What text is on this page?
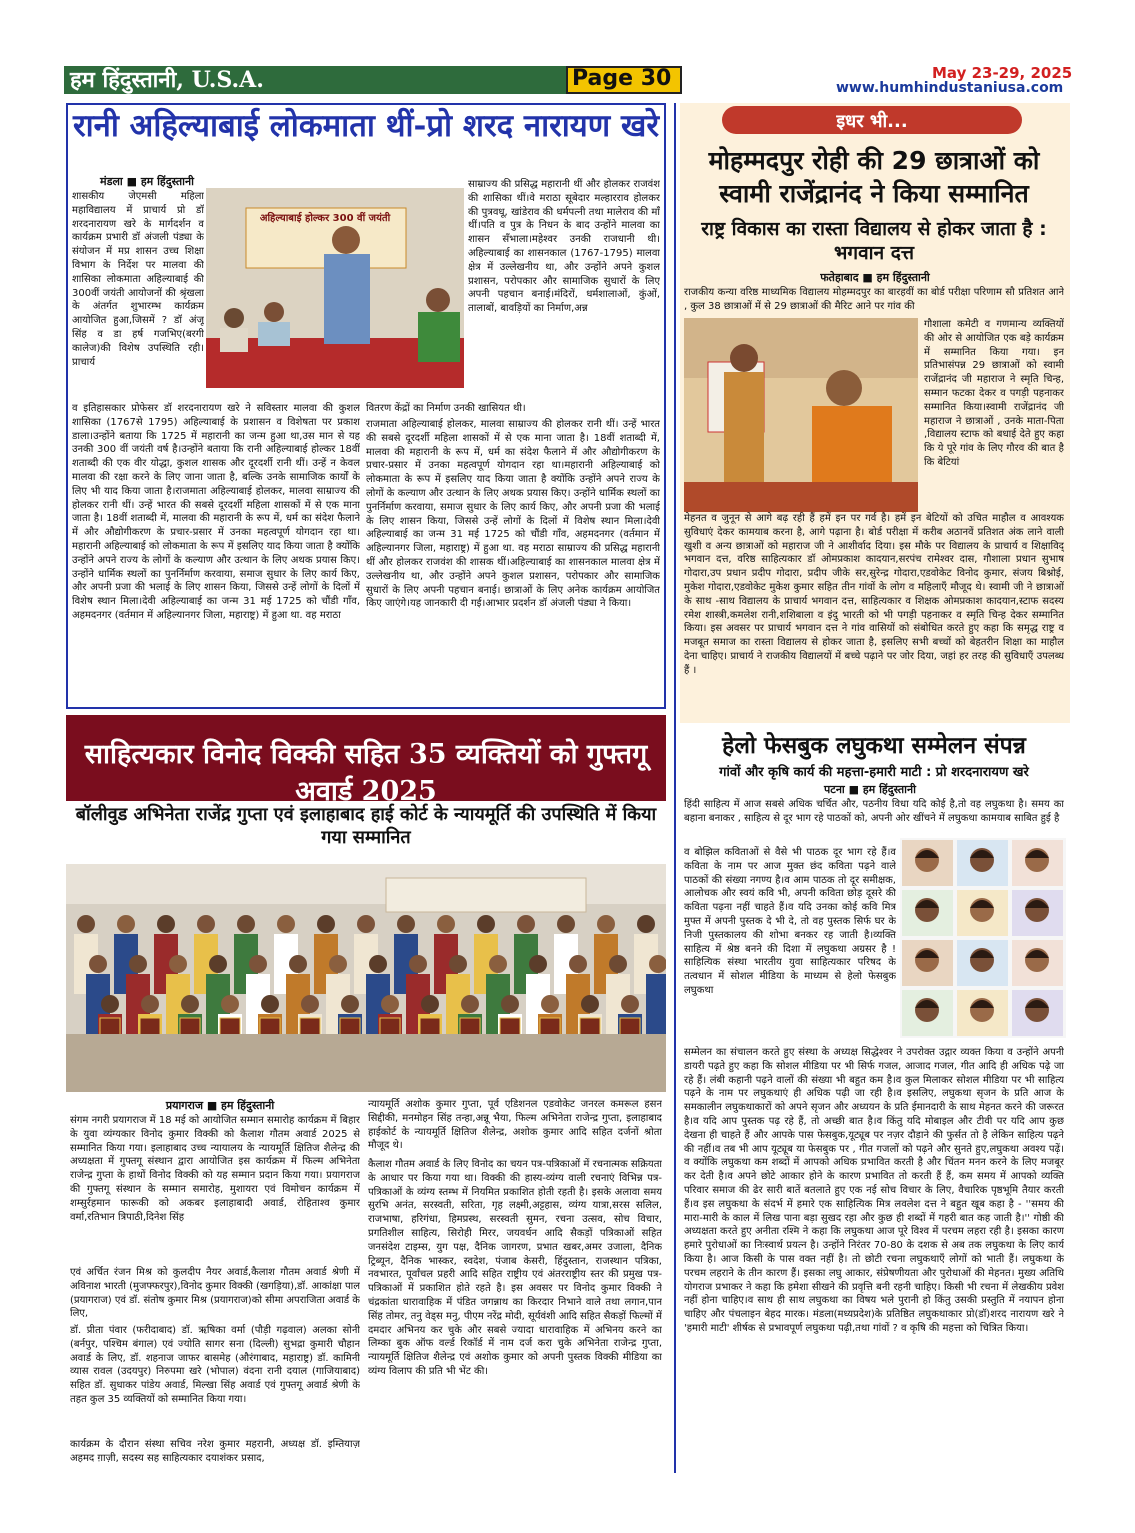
हम हिंदुस्तानी, U.S.A.	Page 30	May 23-29, 2025
www.humhindustaniusa.com
रानी अहिल्याबाई लोकमाता थीं-प्रो शरद नारायण खरे
मंडला ■ हम हिंदुस्तानी
शासकीय जेएमसी महिला महाविद्यालय में प्राचार्य प्रो डॉ शरदनारायण खरे के मार्गदर्शन व कार्यक्रम प्रभारी डॉ अंजली पंड्या के संयोजन में मप्र शासन उच्च शिक्षा विभाग के निर्देश पर मालवा की शासिका लोकमाता अहिल्याबाई की 300वीं जयंती आयोजनों की श्रृंखला के अंतर्गत शुभारम्भ कार्यक्रम आयोजित हुआ,जिसमें ? डॉ अंजू सिंह व डा हर्ष गजभिए(बरगी कालेज)की विशेष उपस्थिति रही। प्राचार्य
अहिल्याबाई होल्कर 300 वीं जयंती
साम्राज्य की प्रसिद्ध महारानी थीं और होलकर राजवंश की शासिका थीं।वे मराठा सूबेदार मल्हारराव होलकर की पुत्रवधू, खांडेराव की धर्मपत्नी तथा मालेराव की माँ थीं।पति व पुत्र के निधन के बाद उन्होंने मालवा का शासन सँभाला।महेश्वर उनकी राजधानी थी।अहिल्याबाई का शासनकाल (1767-1795) मालवा क्षेत्र में उल्लेखनीय था, और उन्होंने अपने कुशल प्रशासन, परोपकार और सामाजिक सुधारों के लिए अपनी पहचान बनाई।मंदिरों, धर्मशालाओं, कुंओं, तालाबों, बावड़ियों का निर्माण,अन्न
व इतिहासकार प्रोफेसर डॉ शरदनारायण खरे ने सविस्तार मालवा की कुशल शासिका (1767से 1795) अहिल्याबाई के प्रशासन व विशेषता पर प्रकाश डाला।उन्होंने बताया कि 1725 में महारानी का जन्म हुआ था,उस मान से यह उनकी 300 वीं जयंती वर्ष है।उन्होंने बताया कि रानी अहिल्याबाई होल्कर 18वीं शताब्दी की एक वीर योद्धा, कुशल शासक और दूरदर्शी रानी थीं। उन्हें न केवल मालवा की रक्षा करने के लिए जाना जाता है, बल्कि उनके सामाजिक कार्यों के लिए भी याद किया जाता है।राजमाता अहिल्याबाई होलकर, मालवा साम्राज्य की होलकर रानी थीं। उन्हें भारत की सबसे दूरदर्शी महिला शासकों में से एक माना जाता है। 18वीं शताब्दी में, मालवा की महारानी के रूप में, धर्म का संदेश फैलाने में और औद्योगीकरण के प्रचार-प्रसार में उनका महत्वपूर्ण योगदान रहा था।महारानी अहिल्याबाई को लोकमाता के रूप में इसलिए याद किया जाता है क्योंकि उन्होंने अपने राज्य के लोगों के कल्याण और उत्थान के लिए अथक प्रयास किए। उन्होंने धार्मिक स्थलों का पुनर्निर्माण करवाया, समाज सुधार के लिए कार्य किए, और अपनी प्रजा की भलाई के लिए शासन किया, जिससे उन्हें लोगों के दिलों में विशेष स्थान मिला।देवी अहिल्याबाई का जन्म 31 मई 1725 को चौंडी गाँव, अहमदनगर (वर्तमान में अहिल्यानगर जिला, महाराष्ट्र) में हुआ था. वह मराठा
वितरण केंद्रों का निर्माण उनकी खासियत थी।
राजमाता अहिल्याबाई होलकर, मालवा साम्राज्य की होलकर रानी थीं। उन्हें भारत की सबसे दूरदर्शी महिला शासकों में से एक माना जाता है। 18वीं शताब्दी में, मालवा की महारानी के रूप में, धर्म का संदेश फैलाने में और औद्योगीकरण के प्रचार-प्रसार में उनका महत्वपूर्ण योगदान रहा था।महारानी अहिल्याबाई को लोकमाता के रूप में इसलिए याद किया जाता है क्योंकि उन्होंने अपने राज्य के लोगों के कल्याण और उत्थान के लिए अथक प्रयास किए। उन्होंने धार्मिक स्थलों का पुनर्निर्माण करवाया, समाज सुधार के लिए कार्य किए, और अपनी प्रजा की भलाई के लिए शासन किया, जिससे उन्हें लोगों के दिलों में विशेष स्थान मिला।देवी अहिल्याबाई का जन्म 31 मई 1725 को चौंडी गाँव, अहमदनगर (वर्तमान में अहिल्यानगर जिला, महाराष्ट्र) में हुआ था. वह मराठा साम्राज्य की प्रसिद्ध महारानी थीं और होलकर राजवंश की शासक थीं।अहिल्याबाई का शासनकाल मालवा क्षेत्र में उल्लेखनीय था, और उन्होंने अपने कुशल प्रशासन, परोपकार और सामाजिक सुधारों के लिए अपनी पहचान बनाई। छात्राओं के लिए अनेक कार्यक्रम आयोजित किए जाएंगे।यह जानकारी दी गई।आभार प्रदर्शन डॉ अंजली पंड्या ने किया।
साहित्यकार विनोद विक्की सहित 35 व्यक्तियों को गुफ्तगू अवार्ड 2025
बॉलीवुड अभिनेता राजेंद्र गुप्ता एवं इलाहाबाद हाई कोर्ट के न्यायमूर्ति की उपस्थिति में किया गया सम्मानित
प्रयागराज ■ हम हिंदुस्तानी
संगम नगरी प्रयागराज में 18 मई को आयोजित सम्मान समारोह कार्यक्रम में बिहार के युवा व्यंग्यकार विनोद कुमार विक्की को कैलाश गौतम अवार्ड 2025 से सम्मानित किया गया। इलाहाबाद उच्च न्यायालय के न्यायमूर्ति क्षितिज शैलेन्द्र की अध्यक्षता में गुफ्तगू संस्थान द्वारा आयोजित इस कार्यक्रम में फिल्म अभिनेता राजेन्द्र गुप्ता के हाथों विनोद विक्की को यह सम्मान प्रदान किया गया। प्रयागराज की गुफ्तगू संस्थान के सम्मान समारोह, मुशायरा एवं विमोचन कार्यक्रम में शम्सुर्रहमान फारूकी को अकबर इलाहाबादी अवार्ड, रोहिताश्व कुमार वर्मा,रतिभान त्रिपाठी,दिनेश सिंह
एवं अर्चित रंजन मिश्र को कुलदीप नैयर अवार्ड,कैलाश गौतम अवार्ड श्रेणी में अविनाश भारती (मुजफ्फरपुर),विनोद कुमार विक्की (खगड़िया),डॉ. आकांक्षा पाल (प्रयागराज) एवं डॉ. संतोष कुमार मिश्र (प्रयागराज)को सीमा अपराजिता अवार्ड के लिए,
डॉ. प्रीता पंवार (फरीदाबाद) डॉ. ऋषिका वर्मा (पौड़ी गढ़वाल) अलका सोनी (बर्नपुर, पश्चिम बंगाल) एवं ज्योति सागर सना (दिल्ली) सुभद्रा कुमारी चौहान अवार्ड के लिए, डॉ. शहनाज जाफर बासमेह (औरंगाबाद, महाराष्ट्र) डॉ. कामिनी व्यास रावल (उदयपुर) निरुपमा खरे (भोपाल) वंदना रानी दयाल (गाजियाबाद) सहित डॉ. सुधाकर पांडेय अवार्ड, मिल्खा सिंह अवार्ड एवं गुफ्तगू अवार्ड श्रेणी के तहत कुल 35 व्यक्तियों को सम्मानित किया गया।
कार्यक्रम के दौरान संस्था सचिव नरेश कुमार महरानी, अध्यक्ष डॉ. इम्तियाज़ अहमद ग़ाज़ी, सदस्य सह साहित्यकार दयाशंकर प्रसाद,
न्यायमूर्ति अशोक कुमार गुप्ता, पूर्व एडिशनल एडवोकेट जनरल कमरूल हसन सिद्दीकी, मनमोहन सिंह तन्हा,अन्नू भैया, फिल्म अभिनेता राजेन्द्र गुप्ता, इलाहाबाद हाईकोर्ट के न्यायमूर्ति क्षितिज शैलेन्द्र, अशोक कुमार आदि सहित दर्जनों श्रोता मौजूद थे।
कैलाश गौतम अवार्ड के लिए विनोद का चयन पत्र-पत्रिकाओं में रचनात्मक सक्रियता के आधार पर किया गया था। विक्की की हास्य-व्यंग्य वाली रचनाएं विभिन्न पत्र-पत्रिकाओं के व्यंग्य स्तम्भ में नियमित प्रकाशित होती रहती है। इसके अलावा समय सुरभि अनंत, सरस्वती, सरिता, गृह लक्ष्मी,अट्टहास, व्यंग्य यात्रा,सरस सलिल, राजभाषा, हरिगंधा, हिमप्रस्थ, सरस्वती सुमन, रचना उत्सव, सोच विचार, प्रगतिशील साहित्य, सिरोही मिरर, जयवर्धन आदि सैकड़ों पत्रिकाओं सहित जनसंदेश टाइम्स, युग पक्ष, दैनिक जागरण, प्रभात खबर,अमर उजाला, दैनिक ट्रिब्यून, दैनिक भास्कर, स्वदेश, पंजाब केसरी, हिंदुस्तान, राजस्थान पत्रिका, नवभारत, पूर्वांचल प्रहरी आदि सहित राष्ट्रीय एवं अंतरराष्ट्रीय स्तर की प्रमुख पत्र-पत्रिकाओं में प्रकाशित होते रहते है। इस अवसर पर विनोद कुमार विक्की ने चंद्रकांता धारावाहिक में पंडित जगन्नाथ का किरदार निभाने वाले तथा लगान,पान सिंह तोमर, तनु वेड्स मनु, पीएम नरेंद्र मोदी, सूर्यवंशी आदि सहित सैकड़ों फिल्मों में दमदार अभिनय कर चुके और सबसे ज्यादा धारावाहिक में अभिनय करने का लिम्का बुक ऑफ वर्ल्ड रिकॉर्ड में नाम दर्ज करा चुके अभिनेता राजेन्द्र गुप्ता, न्यायमूर्ति क्षितिज शैलेन्द्र एवं अशोक कुमार को अपनी पुस्तक विक्की मीडिया का व्यंग्य विलाप की प्रति भी भेंट की।
इधर भी...
मोहम्मदपुर रोही की 29 छात्राओं को स्वामी राजेंद्रानंद ने किया सम्मानित
राष्ट्र विकास का रास्ता विद्यालय से होकर जाता है : भगवान दत्त
फतेहाबाद ■ हम हिंदुस्तानी
राजकीय कन्या वरिष्ठ माध्यमिक विद्यालय मोहम्मदपुर का बारहवीं का बोर्ड परीक्षा परिणाम सौ प्रतिशत आने , कुल 38 छात्राओं में से 29 छात्राओं की मैरिट आने पर गांव की
गौशाला कमेटी व गणमान्य व्यक्तियों की ओर से आयोजित एक बड़े कार्यक्रम में सम्मानित किया गया। इन प्रतिभासंपन्न 29 छात्राओं को स्वामी राजेंद्रानंद जी महाराज ने स्मृति चिन्ह, सम्मान फटका देकर व पगड़ी पहनाकर सम्मानित किया।स्वामी राजेंद्रानंद जी महाराज ने छात्राओं , उनके माता-पिता ,विद्यालय स्टाफ को बधाई देते हुए कहा कि ये पूरे गांव के लिए गौरव की बात है कि बेटियां
मेहनत व जुनून से आगे बढ़ रही हैं हमें इन पर गर्व है। हमें इन बेटियों को उचित माहौल व आवश्यक सुविधाएं देकर कामयाब करना है, आगे पढ़ाना है। बोर्ड परीक्षा में करीब अठानवें प्रतिशत अंक लाने वाली खुशी व अन्य छात्राओं को महाराज जी ने आशीर्वाद दिया। इस मौके पर विद्यालय के प्राचार्य व शिक्षाविद् भगवान दत्त, वरिष्ठ साहित्यकार डॉ ओमप्रकाश कादयान,सरपंच रामेश्वर दास, गौशाला प्रधान सुभाष गोदारा,उप प्रधान प्रदीप गोदारा, प्रदीप जीके सर,सुरेन्द्र गोदारा,एडवोकेट विनोद कुमार, संजय बिश्नोई, मुकेश गोदारा,एडवोकेट मुकेश कुमार सहित तीन गांवों के लोग व महिलाएँ मौजूद थे। स्वामी जी ने छात्राओं के साथ -साथ विद्यालय के प्राचार्य भगवान दत्त, साहित्यकार व शिक्षक ओमप्रकाश कादयान,स्टाफ सदस्य रमेश शास्त्री,कमलेश रानी,शशिबाला व इंदु भारती को भी पगड़ी पहनाकर व स्मृति चिन्ह देकर सम्मानित किया। इस अवसर पर प्राचार्य भगवान दत्त ने गांव वासियों को संबोधित करते हुए कहा कि समृद्ध राष्ट्र व मजबूत समाज का रास्ता विद्यालय से होकर जाता है, इसलिए सभी बच्चों को बेहतरीन शिक्षा का माहौल देना चाहिए। प्राचार्य ने राजकीय विद्यालयों में बच्चे पढ़ाने पर जोर दिया, जहां हर तरह की सुविधाएँ उपलब्ध हैं ।
हेलो फेसबुक लघुकथा सम्मेलन संपन्न
गांवों और कृषि कार्य की महत्ता-हमारी माटी : प्रो शरदनारायण खरे
पटना ■ हम हिंदुस्तानी
हिंदी साहित्य में आज सबसे अधिक चर्चित और, पठनीय विधा यदि कोई है,तो वह लघुकथा है। समय का बहाना बनाकर , साहित्य से दूर भाग रहे पाठकों को, अपनी ओर खींचने में लघुकथा कामयाब साबित हुई है
व बोझिल कविताओं से वैसे भी पाठक दूर भाग रहे हैं।व कविता के नाम पर आज मुक्त छंद कविता पढ़ने वाले पाठकों की संख्या नगण्य है।व आम पाठक तो दूर समीक्षक, आलोचक और स्वयं कवि भी, अपनी कविता छोड़ दूसरे की कविता पढ़ना नहीं चाहते हैं।व यदि उनका कोई कवि मित्र मुफ्त में अपनी पुस्तक दे भी दे, तो वह पुस्तक सिर्फ घर के निजी पुस्तकालय की शोभा बनकर रह जाती है।व्यक्ति साहित्य में श्रेष्ठ बनने की दिशा में लघुकथा अग्रसर है ! साहित्यिक संस्था भारतीय युवा साहित्यकार परिषद के तत्वधान में सोशल मीडिया के माध्यम से हेलो फेसबुक लघुकथा
सम्मेलन का संचालन करते हुए संस्था के अध्यक्ष सिद्धेश्वर ने उपरोक्त उद्गार व्यक्त किया व उन्होंने अपनी डायरी पढ़ते हुए कहा कि सोशल मीडिया पर भी सिर्फ गजल, आजाद गजल, गीत आदि ही अधिक पढ़े जा रहे हैं। लंबी कहानी पढ़ने वालों की संख्या भी बहुत कम है।व कुल मिलाकर सोशल मीडिया पर भी साहित्य पढ़ने के नाम पर लघुकथाएं ही अधिक पढ़ी जा रही है।व इसलिए, लघुकथा सृजन के प्रति आज के समकालीन लघुकथाकारों को अपने सृजन और अध्ययन के प्रति ईमानदारी के साथ मेहनत करने की जरूरत है।व यदि आप पुस्तक पढ़ रहे हैं, तो अच्छी बात है।व किंतु यदि मोबाइल और टीवी पर यदि आप कुछ देखना ही चाहते हैं और आपके पास फेसबुक,यूट्यूब पर नज़र दौड़ाने की फुर्सत तो है लेकिन साहित्य पढ़ने की नहीं।व तब भी आप यूट्यूब या फेसबुक पर , गीत गजलों को पढ़ने और सुनते हुए,लघुकथा अवश्य पढ़ें।व क्योंकि लघुकथा कम शब्दों में आपको अधिक प्रभावित करती है और चिंतन मनन करने के लिए मजबूर कर देती है।व अपने छोटे आकार होने के कारण प्रभावित तो करती हैं हैं, कम समय में आपको व्यक्ति परिवार समाज की ढेर सारी बातें बतलाते हुए एक नई सोच विचार के लिए, वैचारिक पृष्ठभूमि तैयार करती हैं।व इस लघुकथा के संदर्भ में हमारे एक साहित्यिक मित्र लवलेश दत्त ने बहुत खूब कहा है - ''समय की मारा-मारी के काल में लिख पाना बड़ा सुखद रहा और कुछ ही शब्दों में गहरी बात कह जाती है।'' गोष्ठी की अध्यक्षता करते हुए अनीता रश्मि ने कहा कि लघुकथा आज पूरे विश्व में परचम लहरा रही है। इसका कारण हमारे पुरोधाओं का निःस्वार्थ प्रयत्न है। उन्होंने निरंतर 70-80 के दशक से अब तक लघुकथा के लिए कार्य किया है। आज किसी के पास वक्त नहीं है। तो छोटी रचना लघुकथाएँ लोगों को भाती हैं। लघुकथा के परचम लहराने के तीन कारण हैं। इसका लघु आकार, संप्रेषणीयता और पुरोधाओं की मेहनत। मुख्य अतिथि योगराज प्रभाकर ने कहा कि हमेशा सीखने की प्रवृत्ति बनी रहनी चाहिए। किसी भी रचना में लेखकीय प्रवेश नहीं होना चाहिए।व साथ ही साथ लघुकथा का विषय भले पुरानी हो किंतु उसकी प्रस्तुति में नयापन होना चाहिए और पंचलाइन बेहद मारक। मंडला(मध्यप्रदेश)के प्रतिष्ठित लघुकथाकार प्रो(डॉ)शरद नारायण खरे ने 'हमारी माटी' शीर्षक से प्रभावपूर्ण लघुकथा पढ़ी,तथा गांवों ? व कृषि की महत्ता को चित्रित किया।
